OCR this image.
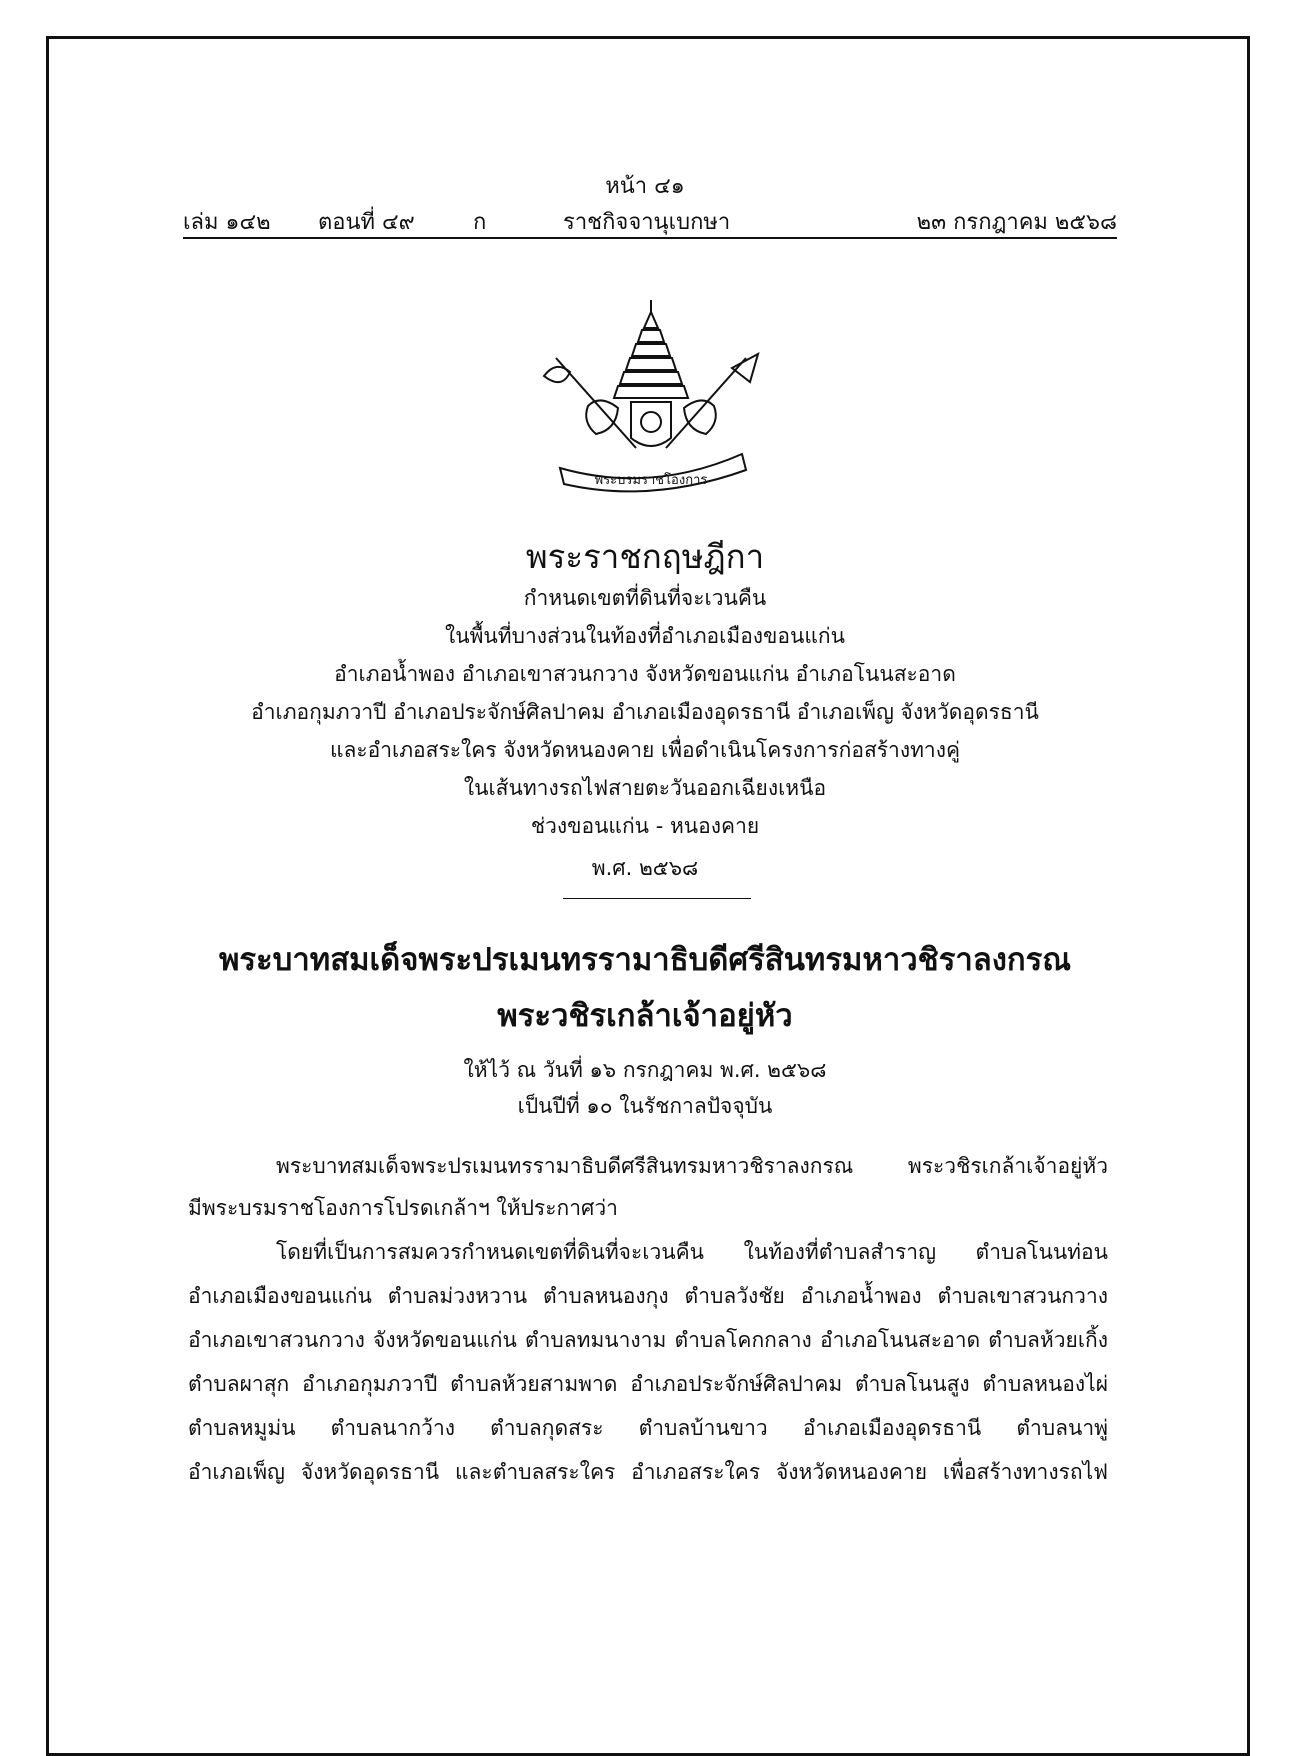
หน้า ๔๑
เล่ม ๑๔๒ ตอนที่ ๔๙	ก	ราชกิจจานุเบกษา	๒๓ กรกฎาคม ๒๕๖๘
พระบรมราชโองการ
พระราชกฤษฎีกา
กำหนดเขตที่ดินที่จะเวนคืน
ในพื้นที่บางส่วนในท้องที่อำเภอเมืองขอนแก่น
อำเภอน้ำพอง อำเภอเขาสวนกวาง จังหวัดขอนแก่น อำเภอโนนสะอาด
อำเภอกุมภวาปี อำเภอประจักษ์ศิลปาคม อำเภอเมืองอุดรธานี อำเภอเพ็ญ จังหวัดอุดรธานี
และอำเภอสระใคร จังหวัดหนองคาย เพื่อดำเนินโครงการก่อสร้างทางคู่
ในเส้นทางรถไฟสายตะวันออกเฉียงเหนือ
ช่วงขอนแก่น - หนองคาย
พ.ศ. ๒๕๖๘
พระบาทสมเด็จพระปรเมนทรรามาธิบดีศรีสินทรมหาวชิราลงกรณ
พระวชิรเกล้าเจ้าอยู่หัว
ให้ไว้ ณ วันที่ ๑๖ กรกฎาคม พ.ศ. ๒๕๖๘
เป็นปีที่ ๑๐ ในรัชกาลปัจจุบัน
พระบาทสมเด็จพระปรเมนทรรามาธิบดีศรีสินทรมหาวชิราลงกรณ พระวชิรเกล้าเจ้าอยู่หัว
มีพระบรมราชโองการโปรดเกล้าฯ ให้ประกาศว่า
โดยที่เป็นการสมควรกำหนดเขตที่ดินที่จะเวนคืน ในท้องที่ตำบลสำราญ ตำบลโนนท่อน
อำเภอเมืองขอนแก่น ตำบลม่วงหวาน ตำบลหนองกุง ตำบลวังชัย อำเภอน้ำพอง ตำบลเขาสวนกวาง
อำเภอเขาสวนกวาง จังหวัดขอนแก่น ตำบลทมนางาม ตำบลโคกกลาง อำเภอโนนสะอาด ตำบลห้วยเกิ้ง
ตำบลผาสุก อำเภอกุมภวาปี ตำบลห้วยสามพาด อำเภอประจักษ์ศิลปาคม ตำบลโนนสูง ตำบลหนองไผ่
ตำบลหมูม่น ตำบลนากว้าง ตำบลกุดสระ ตำบลบ้านขาว อำเภอเมืองอุดรธานี ตำบลนาพู่
อำเภอเพ็ญ จังหวัดอุดรธานี และตำบลสระใคร อำเภอสระใคร จังหวัดหนองคาย เพื่อสร้างทางรถไฟ
